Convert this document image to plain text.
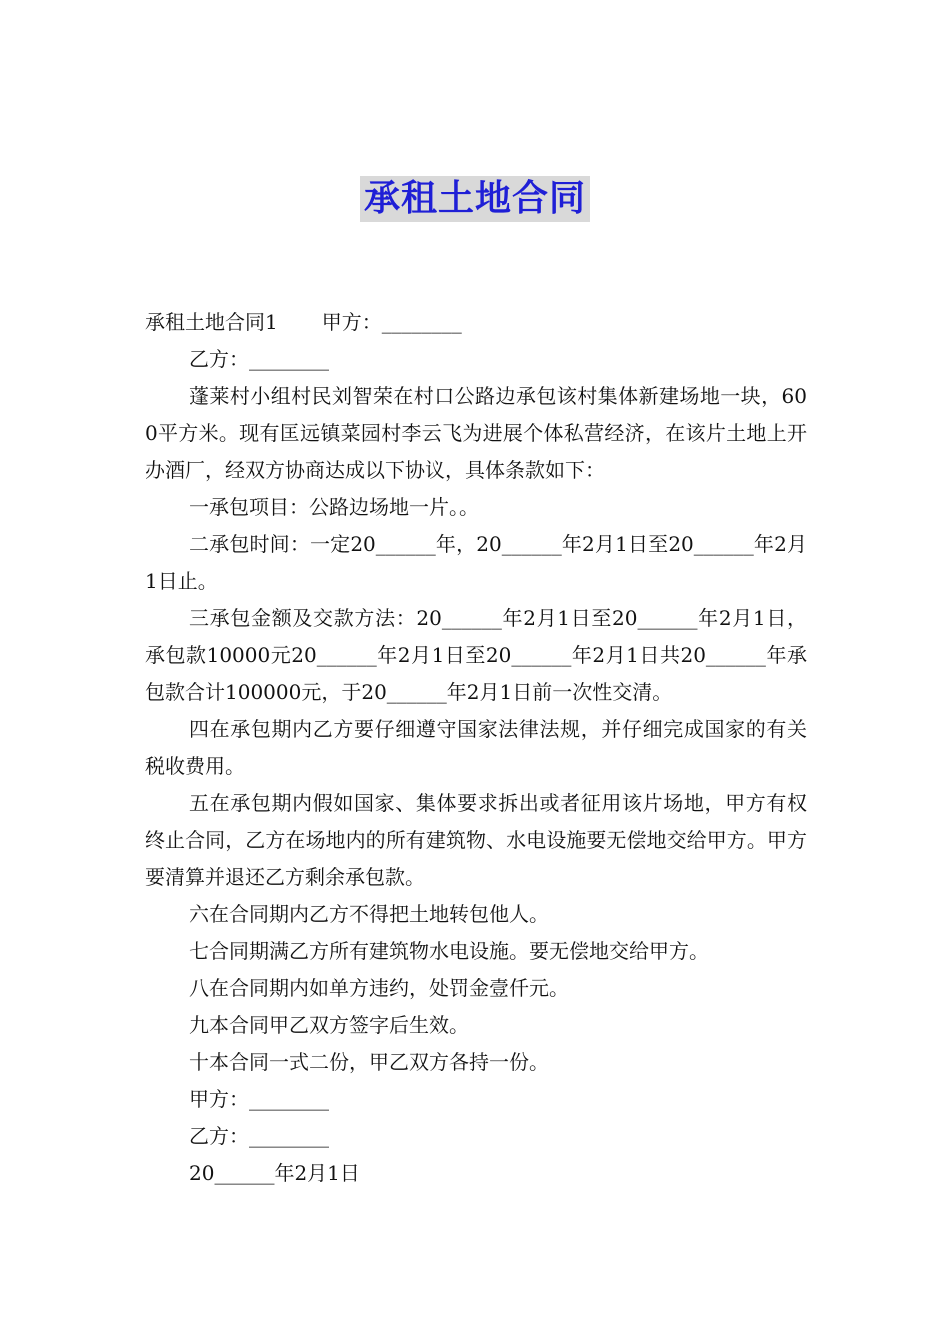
承租土地合同

承租土地合同1 甲方：________

乙方：________

蓬莱村小组村民刘智荣在村口公路边承包该村集体新建场地一块，600平方米。现有匡远镇菜园村李云飞为进展个体私营经济，在该片土地上开办酒厂，经双方协商达成以下协议，具体条款如下：

一承包项目：公路边场地一片。。

二承包时间：一定20______年，20______年2月1日至20______年2月1日止。

三承包金额及交款方法：20______年2月1日至20______年2月1日，承包款10000元20______年2月1日至20______年2月1日共20______年承包款合计100000元，于20______年2月1日前一次性交清。

四在承包期内乙方要仔细遵守国家法律法规，并仔细完成国家的有关税收费用。

五在承包期内假如国家、集体要求拆出或者征用该片场地，甲方有权终止合同，乙方在场地内的所有建筑物、水电设施要无偿地交给甲方。甲方要清算并退还乙方剩余承包款。

六在合同期内乙方不得把土地转包他人。

七合同期满乙方所有建筑物水电设施。要无偿地交给甲方。

八在合同期内如单方违约，处罚金壹仟元。

九本合同甲乙双方签字后生效。

十本合同一式二份，甲乙双方各持一份。

甲方：________

乙方：________

20______年2月1日
